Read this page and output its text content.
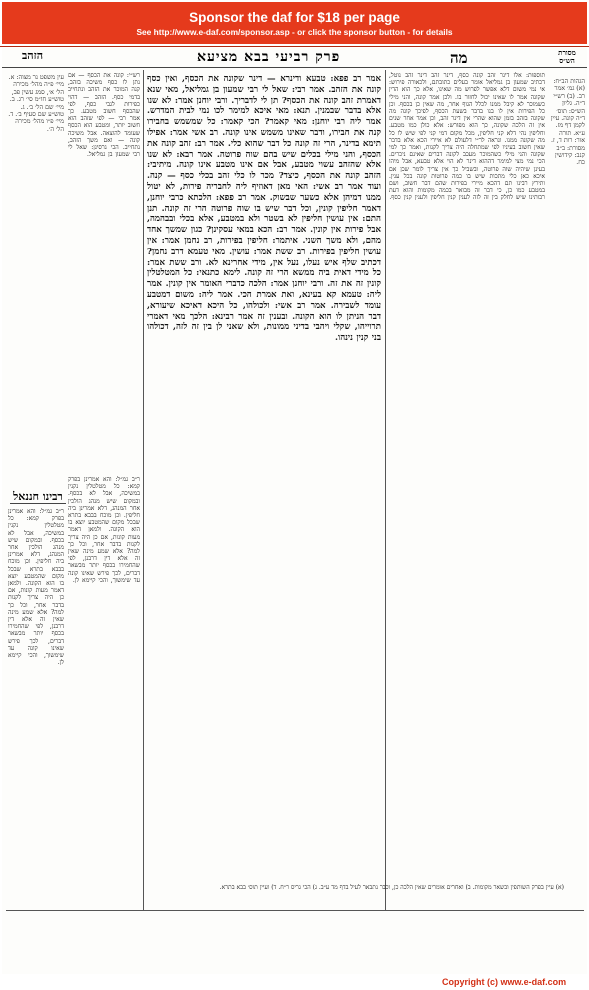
Sponsor the daf for $18 per page
See http://www.e-daf.com/sponsor.asp - or click the sponsor button - for details
הזהב	פרק רביעי בבא מציעא	מה	מסורת
הש״ס
הגהות הב״ח: (א) גמ׳ אמר רב. (ב) רש״י ד״ה. גליון הש״ס: תוס׳ ד״ה קונה. עיין לקמן דף מז. ע״א. תורה אור: רות ד, ז. מסורת: ב״ב קנב: קידושין כח.
תוספות: אלו דינר זהב קונה כסף, דינר זהב דינר זהב נוטל, דכתיב שמעון בן גמליאל אומר בעלים כתובתם, ולכאורה פירוש: אי נמי משום דלא אפשר לפרוש מה שאינו, אלא כך הוא הדין שקונה אמר לו שאינו יכול לחזור בו. ולכן אמר קונה, והני מילי כשמוכר לא קיבל ממנו לכלל הגוף אחר, מה שאין כן בכסף. וכן כל הפירות אין לו בנו בדבר בשעת הכסף, לפיכך קונה מה שקונה בזהב בזמן שהוא שהרי אין דינר זהב, וכן אמר אחר שנים אין זה הלכה שקונה, כך הוא מפורש: אלא כולן כמו מטבע. וחליפין נהי דלא קני חליפין, מכל מקום דמי קני לפי שיש לו כל מה שקונה ממנו. ונראה לר״י דלעולם לא איירי הכא אלא בדבר שאין חשוב בעיניו לפי שמתחלה היה צריך לקנות, ואמר כך למי שקונה והני מילי כשהמוכר מעכב לקונה דברים שאינם ניכרים. הכי נמי מצי למימר דההוא דינר לא הוי אלא טבעא, אבל מיהו בעינן שיהיה שוה פרוטה, ובשביל כך אין צריך לומר שכן אם איכא כאן כלי מתכות שיש בו כמה פרוטות קונה בכל ענין. ותירץ רבינו תם דהכא מיירי בפירות שהם דבר חשוב, ושם במטבע כמו כן, כי דבר זה מבואר בכמה מקומות והוא דעת רבותינו שיש לחלק בין זה לזה לענין קנין חליפין ולענין קנין כסף.
אמר רב פפא: טבעא ודינרא — דינר שקונה את הכסף, ואין כסף קונה את הזהב. אמר רבי: שאל לי רבי שמעון בן גמליאל, מאי שנא דאמרת זהב קונה את הכסף? תן לי לדבריך. ורבי יוחנן אמר: לא שנו אלא בדבר שבמנין. תנא: מאי איכא למימר לכו נמי לבית המדרש. אמר ליה רבי יוחנן: מאי קאמר? הכי קאמר: כל שמשמש בחבירו קנה את חבירו, ודבר שאינו משמש אינו קונה. רב אשי אמר: אפילו תימא בדינר, הרי זה קונה כל דבר שהוא כלי. אמר רב: זהב קונה את הכסף, והני מילי בכלים שיש בהם שוה פרוטה. אמר רבא: לא שנו אלא שהזהב עשוי מטבע, אבל אם אינו מטבע אינו קונה. מיתיבי: הזהב קונה את הכסף, כיצד? מכר לו כלי זהב בכלי כסף — קנה. ועוד אמר רב אשי: האי מאן דאוזיף ליה לחבריה פירות, לא יטול ממנו דמיהן אלא כשער שבשוק. אמר רב פפא: הלכתא כרבי יוחנן, דאמר חליפין קונין, וכל דבר שיש בו שוה פרוטה הרי זה קונה. תנן התם: אין עושין חליפין לא בשטר ולא במטבע, אלא בכלי ובבהמה, אבל פירות אין קונין. אמר רב: הכא במאי עסקינן? כגון שמשך אחד מהם, ולא משך השני. איתמר: חליפין בפירות, רב נחמן אמר: אין עושין חליפין בפירות. רב ששת אמר: עושין. מאי טעמא דרב נחמן? דכתיב שלף איש נעלו, נעל אין, מידי אחרינא לא. ורב ששת אמר: כל מידי דאית ביה ממשא הרי זה קונה. לימא כתנאי: כל המטלטלין קונין זה את זה. ורבי יוחנן אמר: הלכה כדברי האומר אין קונין. אמר ליה: טעמא קא בעינא, ואת אמרת הכי. אמר ליה: משום דמטבע עומד לשבירה. אמר רב אשי: ולכולהו, כל היכא דאיכא שיעורא, דבר הניתן לו הוא הקונה. ובענין זה אמר רבינא: הלכך מאי דאמרי תרוייהו, שקלי ויהבי בדיני ממונות, ולא שאני לן בין זה לזה, דכולהו בני קנין נינהו.
רש״י: קונה את הכסף — אם נתן לו כסף משיכה בזהב, קנה המוכר את הזהב ונתחייב בדמי כסף. הזהב — דהוי כפירות לגבי כסף, לפי שהכסף חשוב מטבע. כך אמר רבי — לפי שזהב הוא חשוב יותר, ומטבע הוא הכסף שעומד להוצאה. אבל משיכה קונה — ואם משך הזהב, נתחייב. הכי גרסינן: שאל לי רבי שמעון בן גמליאל.
ר״ב גמ״ל: והא אמרינן בפרק קמא: כל מטלטלין נקנין במשיכה, אבל לא בכסף. ובמקום שיש מנהג הולכין אחר המנהג, דלא אמרינן ביה חליפין. וכן מוכח בבבא בתרא שבכל מקום שהמטבע יוצא בו הוא הקונה. ולמאן דאמר מעות קונות, אם כן היה צריך לקנות בדבר אחר, וכל כך למה? אלא שמע מינה שאין זה אלא דין דרבנן, לפי שהחמירו בכסף יותר מבשאר דברים, לכך פירש שאינו קונה עד שימשוך, והכי קיימא לן.
עין משפט נר מצוה: א. מיי׳ פ״ה מהל׳ מכירה הל׳ א׳, סמג עשין פב, טוש״ע חו״מ סי׳ רג. ב. מיי׳ שם הל׳ ב׳. ג. טוש״ע שם סעיף ב׳. ד. מיי׳ פ״ו מהל׳ מכירה הל׳ ה׳.
רבינו חננאל
ר״ב גמ״ל: והא אמרינן בפרק קמא: כל מטלטלין נקנין במשיכה, אבל לא בכסף. ובמקום שיש מנהג הולכין אחר המנהג, דלא אמרינן ביה חליפין. וכן מוכח בבבא בתרא שבכל מקום שהמטבע יוצא בו הוא הקונה. ולמאן דאמר מעות קונות, אם כן היה צריך לקנות בדבר אחר, וכל כך למה? אלא שמע מינה שאין זה אלא דין דרבנן, לפי שהחמירו בכסף יותר מבשאר דברים, לכך פירש שאינו קונה עד שימשוך, והכי קיימא לן.
(א) עיין בפרק השותפין ובשאר מקומות. ב) ואחרים אומרים שאין הלכה כן, וכבר נתבאר לעיל בדף מד ע״ב. ג) הכי גריס ר״ח. ד) ועיין תוס׳ בבא בתרא.
Copyright (c) www.e-daf.com
